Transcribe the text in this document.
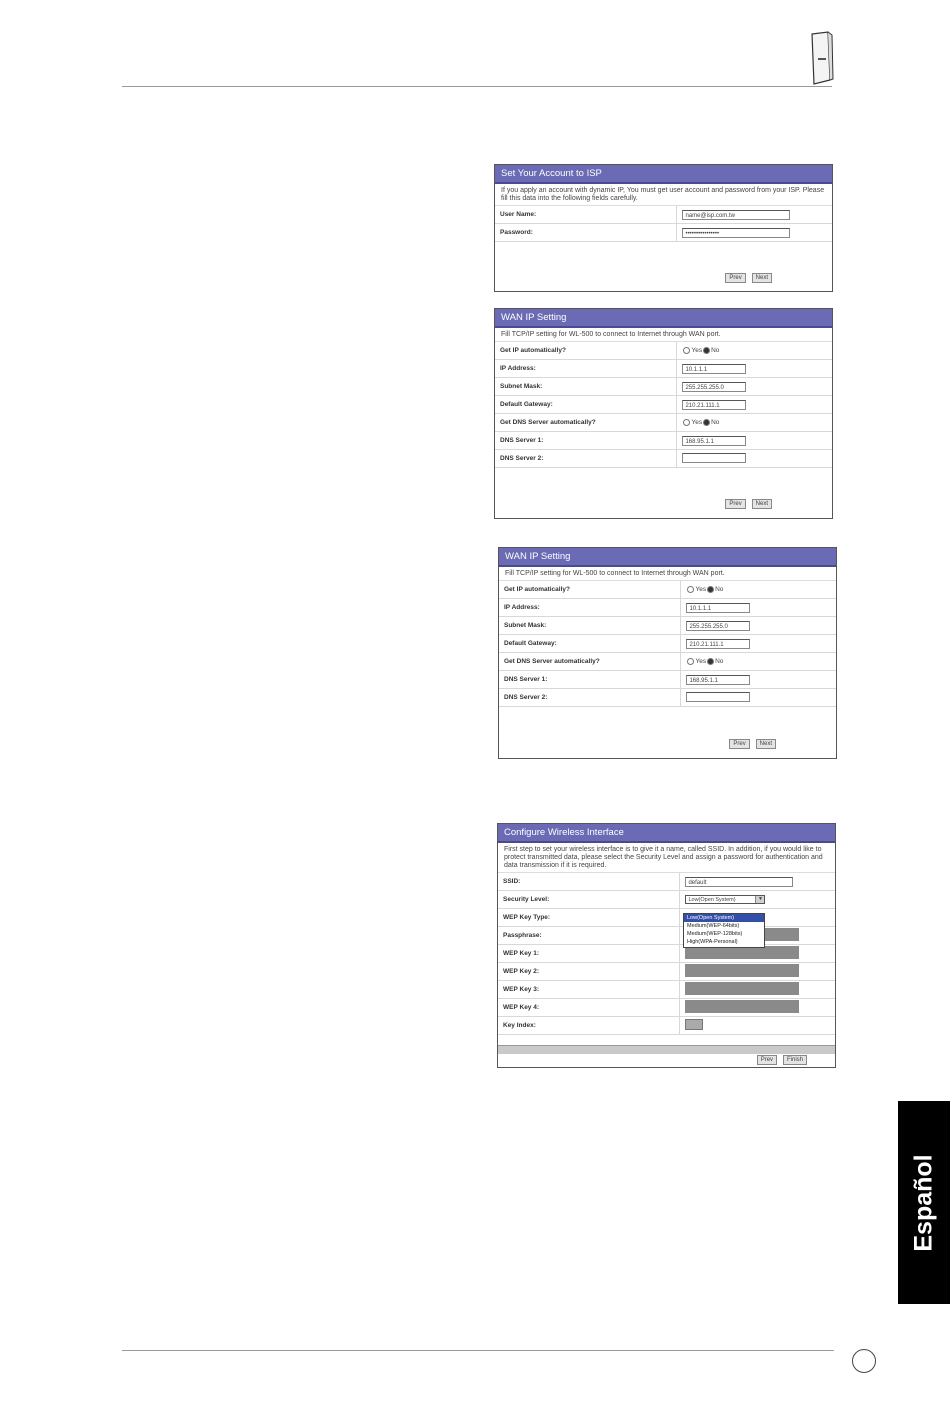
Set Your Account to ISP
If you apply an account with dynamic IP, You must get user account and password from your ISP. Please fill this data into the following fields carefully.
User Name:	name@isp.com.tw
Password:	••••••••••••••••
Prev Next
WAN IP Setting
Fill TCP/IP setting for WL-500 to connect to Internet through WAN port.
Get IP automatically?	Yes No
IP Address:	10.1.1.1
Subnet Mask:	255.255.255.0
Default Gateway:	210.21.111.1
Get DNS Server automatically?	Yes No
DNS Server 1:	168.95.1.1
DNS Server 2:	
Prev Next
WAN IP Setting
Fill TCP/IP setting for WL-500 to connect to Internet through WAN port.
Get IP automatically?	Yes No
IP Address:	10.1.1.1
Subnet Mask:	255.255.255.0
Default Gateway:	210.21.111.1
Get DNS Server automatically?	Yes No
DNS Server 1:	168.95.1.1
DNS Server 2:	
Prev Next
Configure Wireless Interface
First step to set your wireless interface is to give it a name, called SSID. In addition, if you would like to protect transmitted data, please select the Security Level and assign a password for authentication and data transmission if it is required.
SSID:	default
Security Level:	Low(Open System) ▼

WEP Key Type:	
Passphrase:	
WEP Key 1:	
WEP Key 2:	
WEP Key 3:	
WEP Key 4:	
Key Index:	
Prev Finish
Low(Open System)
Medium(WEP-64bits)
Medium(WEP-128bits)
High(WPA-Personal)
Español
